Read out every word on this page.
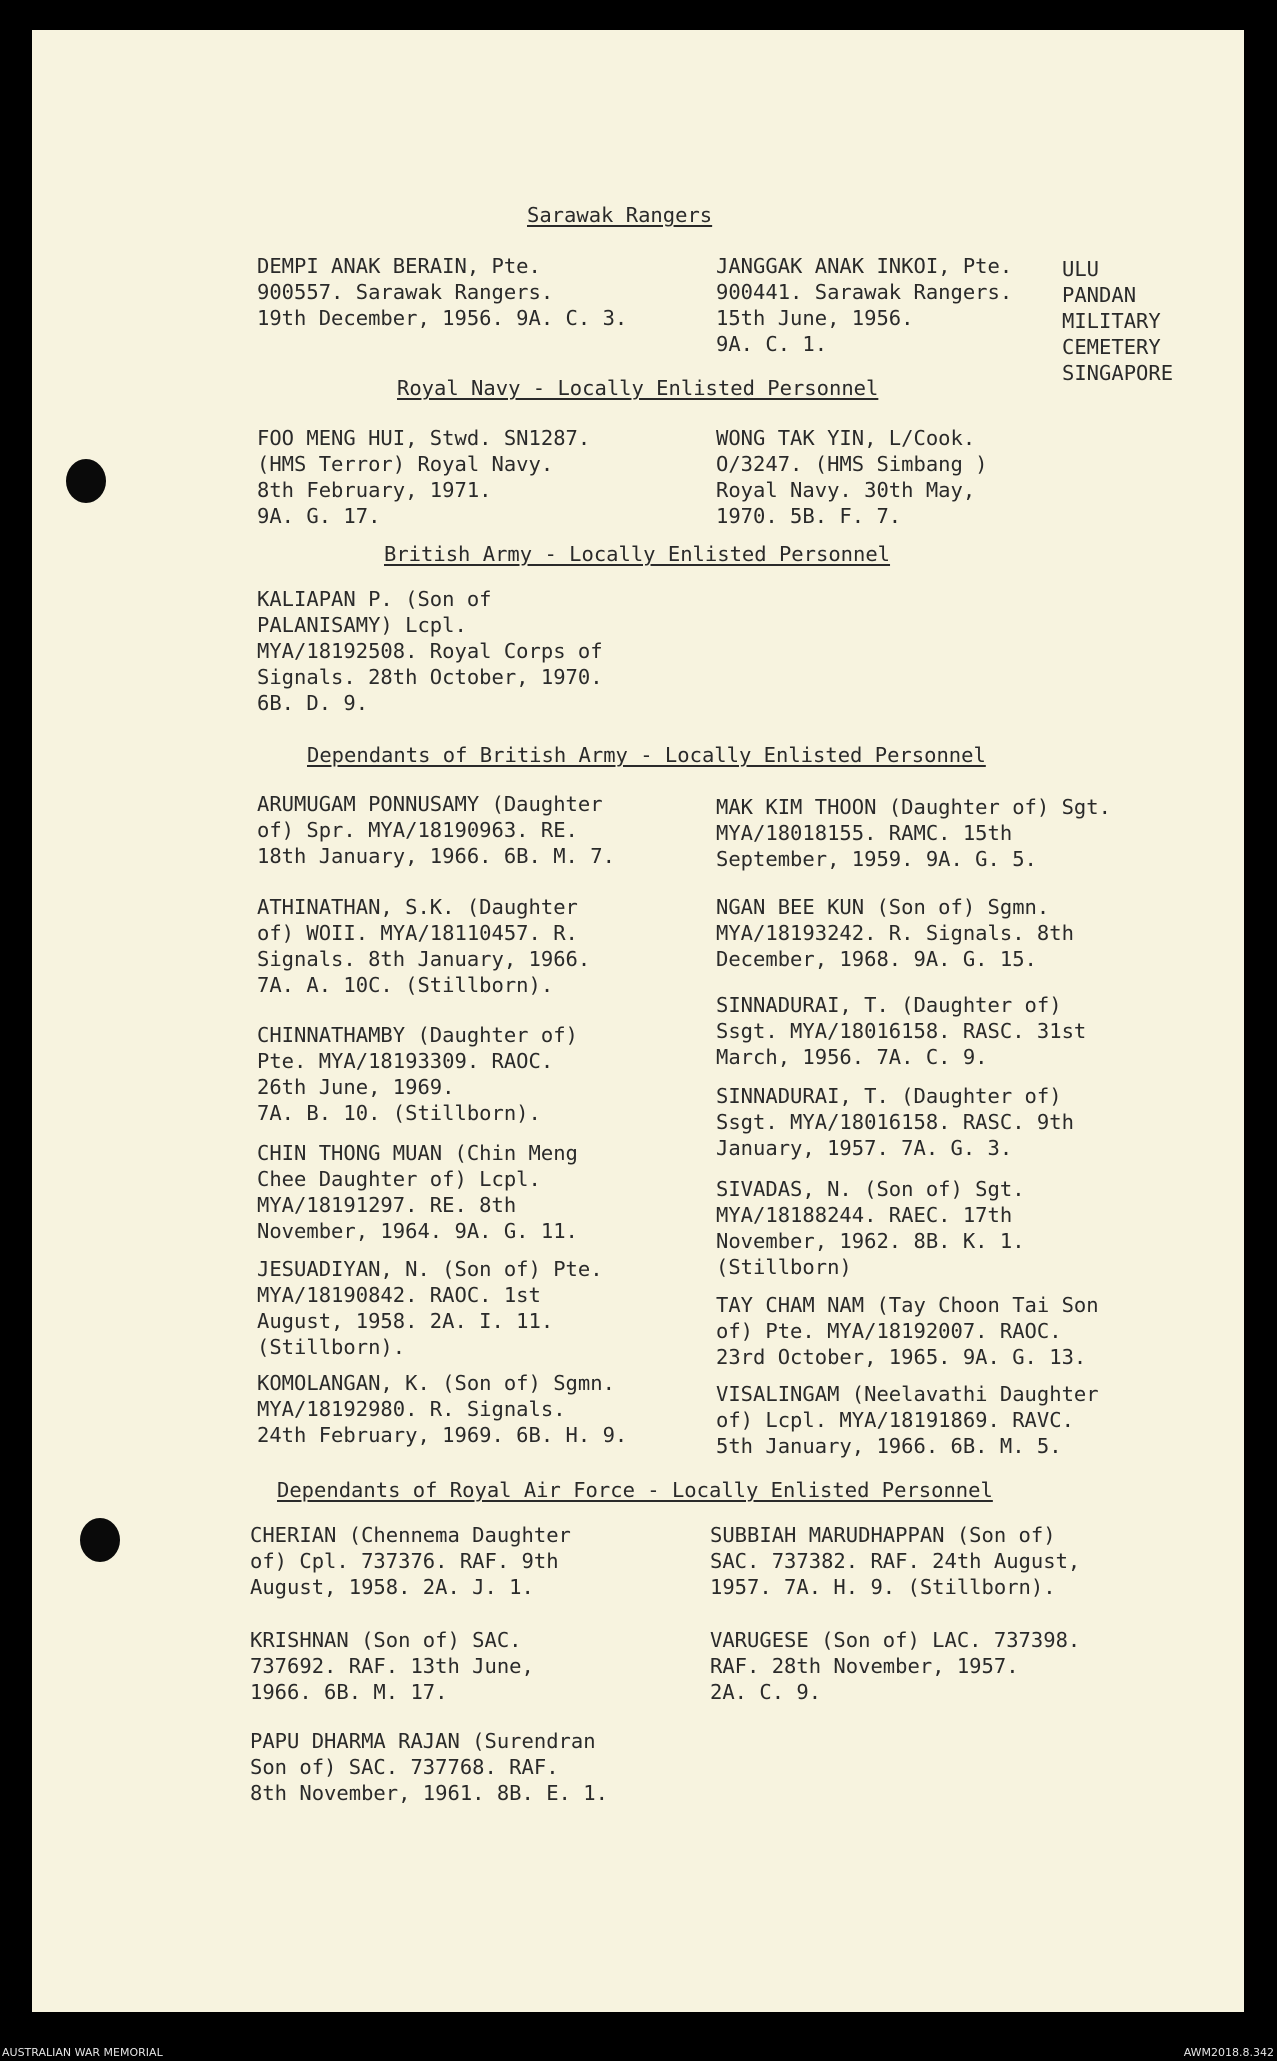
Sarawak Rangers

DEMPI ANAK BERAIN, Pte.
900557. Sarawak Rangers.
19th December, 1956. 9A. C. 3.

JANGGAK ANAK INKOI, Pte.
900441. Sarawak Rangers.
15th June, 1956.
9A. C. 1.

ULU
PANDAN
MILITARY
CEMETERY
SINGAPORE

Royal Navy - Locally Enlisted Personnel

FOO MENG HUI, Stwd. SN1287.
(HMS Terror) Royal Navy.
8th February, 1971.
9A. G. 17.

WONG TAK YIN, L/Cook.
O/3247. (HMS Simbang )
Royal Navy. 30th May,
1970. 5B. F. 7.

British Army - Locally Enlisted Personnel

KALIAPAN P. (Son of
PALANISAMY) Lcpl.
MYA/18192508. Royal Corps of
Signals. 28th October, 1970.
6B. D. 9.

Dependants of British Army - Locally Enlisted Personnel

ARUMUGAM PONNUSAMY (Daughter
of) Spr. MYA/18190963. RE.
18th January, 1966. 6B. M. 7.

ATHINATHAN, S.K. (Daughter
of) WOII. MYA/18110457. R.
Signals. 8th January, 1966.
7A. A. 10C. (Stillborn).

CHINNATHAMBY (Daughter of)
Pte. MYA/18193309. RAOC.
26th June, 1969.
7A. B. 10. (Stillborn).

CHIN THONG MUAN (Chin Meng
Chee Daughter of) Lcpl.
MYA/18191297. RE. 8th
November, 1964. 9A. G. 11.

JESUADIYAN, N. (Son of) Pte.
MYA/18190842. RAOC. 1st
August, 1958. 2A. I. 11.
(Stillborn).

KOMOLANGAN, K. (Son of) Sgmn.
MYA/18192980. R. Signals.
24th February, 1969. 6B. H. 9.

MAK KIM THOON (Daughter of) Sgt.
MYA/18018155. RAMC. 15th
September, 1959. 9A. G. 5.

NGAN BEE KUN (Son of) Sgmn.
MYA/18193242. R. Signals. 8th
December, 1968. 9A. G. 15.

SINNADURAI, T. (Daughter of)
Ssgt. MYA/18016158. RASC. 31st
March, 1956. 7A. C. 9.

SINNADURAI, T. (Daughter of)
Ssgt. MYA/18016158. RASC. 9th
January, 1957. 7A. G. 3.

SIVADAS, N. (Son of) Sgt.
MYA/18188244. RAEC. 17th
November, 1962. 8B. K. 1.
(Stillborn)

TAY CHAM NAM (Tay Choon Tai Son
of) Pte. MYA/18192007. RAOC.
23rd October, 1965. 9A. G. 13.

VISALINGAM (Neelavathi Daughter
of) Lcpl. MYA/18191869. RAVC.
5th January, 1966. 6B. M. 5.

Dependants of Royal Air Force - Locally Enlisted Personnel

CHERIAN (Chennema Daughter
of) Cpl. 737376. RAF. 9th
August, 1958. 2A. J. 1.

KRISHNAN (Son of) SAC.
737692. RAF. 13th June,
1966. 6B. M. 17.

PAPU DHARMA RAJAN (Surendran
Son of) SAC. 737768. RAF.
8th November, 1961. 8B. E. 1.

SUBBIAH MARUDHAPPAN (Son of)
SAC. 737382. RAF. 24th August,
1957. 7A. H. 9. (Stillborn).

VARUGESE (Son of) LAC. 737398.
RAF. 28th November, 1957.
2A. C. 9.

AUSTRALIAN WAR MEMORIAL	AWM2018.8.342
